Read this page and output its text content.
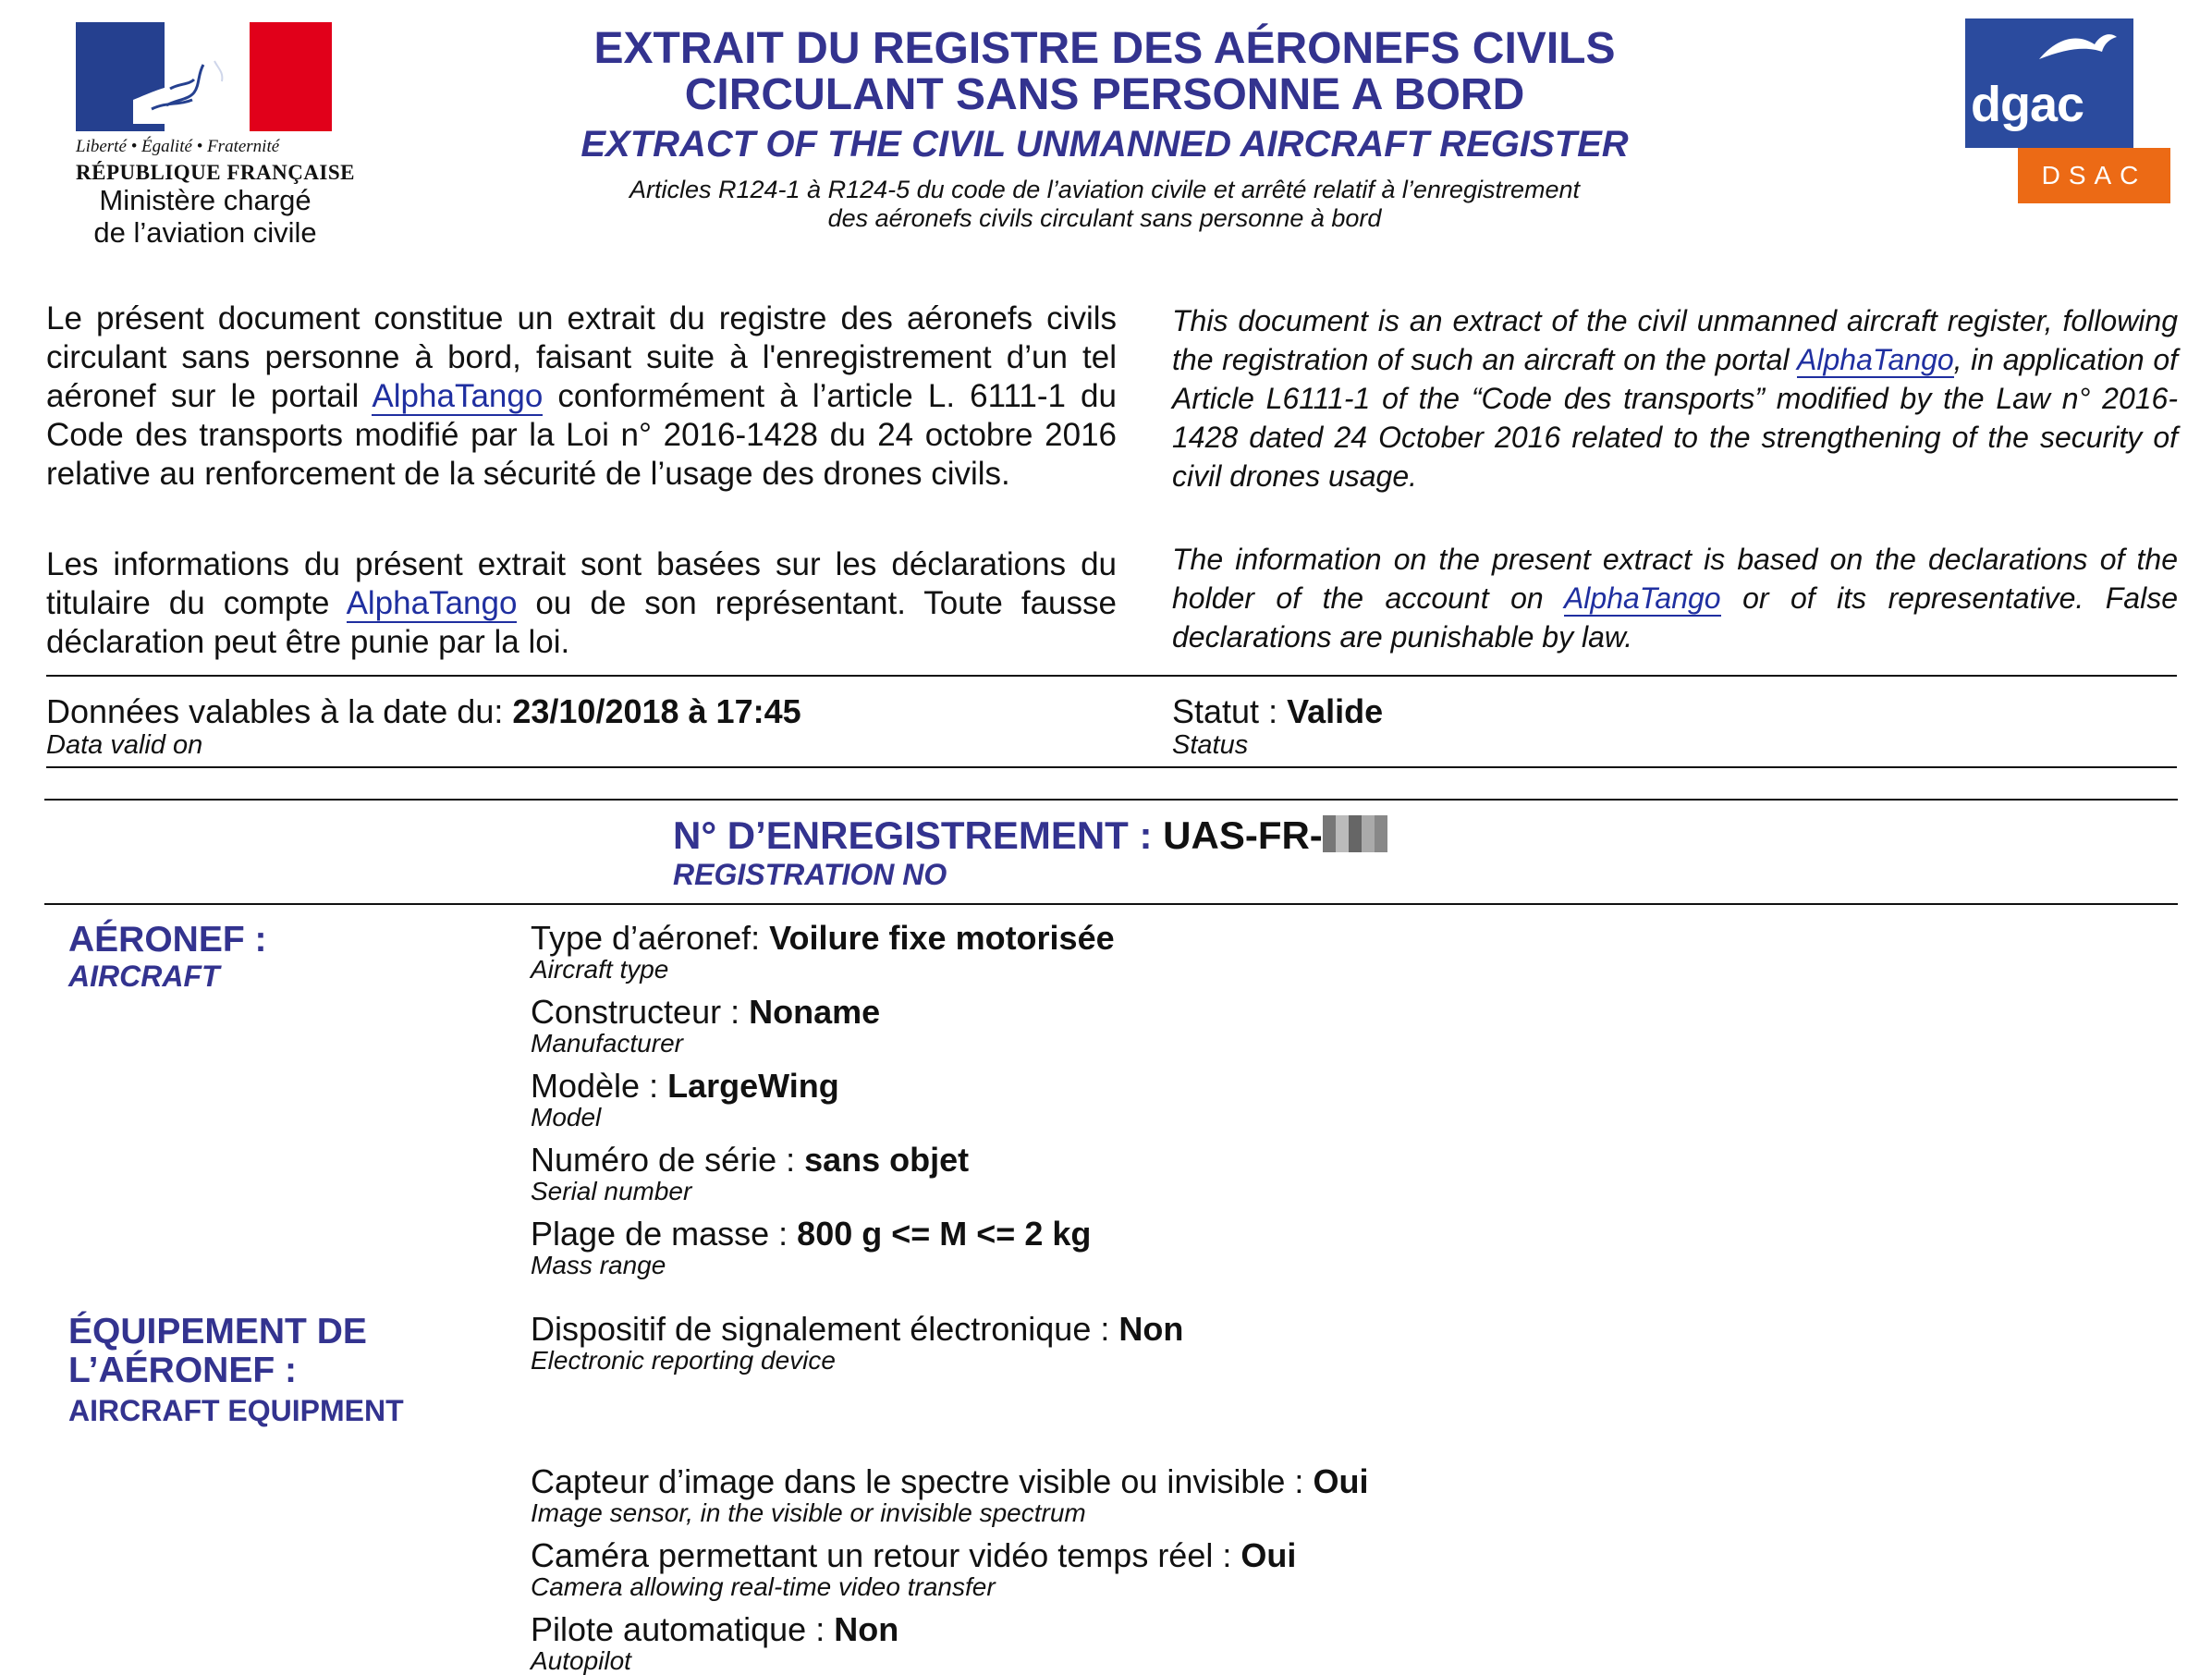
Liberté • Égalité • Fraternité
RÉPUBLIQUE FRANÇAISE
Ministère chargé
de l’aviation civile
EXTRAIT DU REGISTRE DES AÉRONEFS CIVILS
CIRCULANT SANS PERSONNE A BORD
EXTRACT OF THE CIVIL UNMANNED AIRCRAFT REGISTER
Articles R124-1 à R124-5 du code de l’aviation civile et arrêté relatif à l’enregistrement
des aéronefs civils circulant sans personne à bord
dgac
DSAC
Le présent document constitue un extrait du registre des aéronefs civils circulant sans personne à bord, faisant suite à l'enregistrement d’un tel aéronef sur le portail AlphaTango conformément à l’article L. 6111-1 du Code des transports modifié par la Loi n° 2016-1428 du 24 octobre 2016 relative au renforcement de la sécurité de l’usage des drones civils.
Les informations du présent extrait sont basées sur les déclarations du titulaire du compte AlphaTango ou de son représentant. Toute fausse déclaration peut être punie par la loi.
This document is an extract of the civil unmanned aircraft register, following the registration of such an aircraft on the portal AlphaTango, in application of Article L6111-1 of the “Code des transports” modified by the Law n° 2016-1428 dated 24 October 2016 related to the strengthening of the security of civil drones usage.
The information on the present extract is based on the declarations of the holder of the account on AlphaTango or of its representative. False declarations are punishable by law.
Données valables à la date du: 23/10/2018 à 17:45
Data valid on
Statut : Valide
Status
N° D’ENREGISTREMENT : UAS-FR-
REGISTRATION NO
AÉRONEF :
AIRCRAFT
Type d’aéronef: Voilure fixe motorisée
Aircraft type
Constructeur : Noname
Manufacturer
Modèle : LargeWing
Model
Numéro de série : sans objet
Serial number
Plage de masse : 800 g <= M <= 2 kg
Mass range
ÉQUIPEMENT DE
L’AÉRONEF :
AIRCRAFT EQUIPMENT
Dispositif de signalement électronique : Non
Electronic reporting device
Capteur d’image dans le spectre visible ou invisible : Oui
Image sensor, in the visible or invisible spectrum
Caméra permettant un retour vidéo temps réel : Oui
Camera allowing real-time video transfer
Pilote automatique : Non
Autopilot
